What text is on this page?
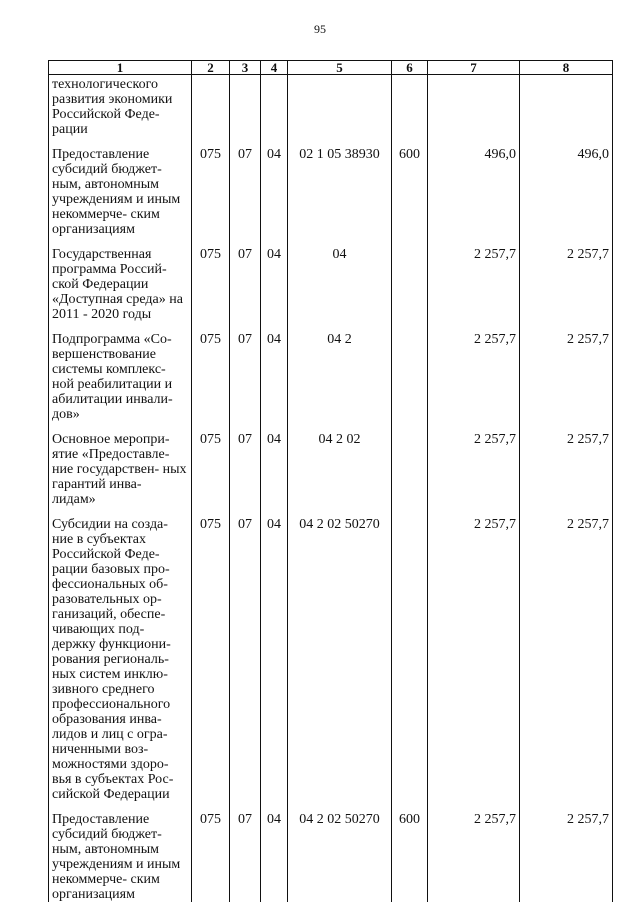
95
1	2	3	4	5	6	7	8
технологического развития экономики Российской Феде- рации							
Предоставление субсидий бюджет- ным, автономным учреждениям и иным некоммерче- ским организациям	075	07	04	02 1 05 38930	600	496,0	496,0
Государственная программа Россий- ской Федерации «Доступная среда» на 2011 - 2020 годы	075	07	04	04		2 257,7	2 257,7
Подпрограмма «Со- вершенствование системы комплекс- ной реабилитации и абилитации инвали- дов»	075	07	04	04 2		2 257,7	2 257,7
Основное меропри- ятие «Предоставле- ние государствен- ных гарантий инва- лидам»	075	07	04	04 2 02		2 257,7	2 257,7
Субсидии на созда- ние в субъектах Российской Феде- рации базовых про- фессиональных об- разовательных ор- ганизаций, обеспе- чивающих под- держку функциони- рования региональ- ных систем инклю- зивного среднего профессионального образования инва- лидов и лиц с огра- ниченными воз- можностями здоро- вья в субъектах Рос- сийской Федерации	075	07	04	04 2 02 50270		2 257,7	2 257,7
Предоставление субсидий бюджет- ным, автономным учреждениям и иным некоммерче- ским организациям	075	07	04	04 2 02 50270	600	2 257,7	2 257,7
